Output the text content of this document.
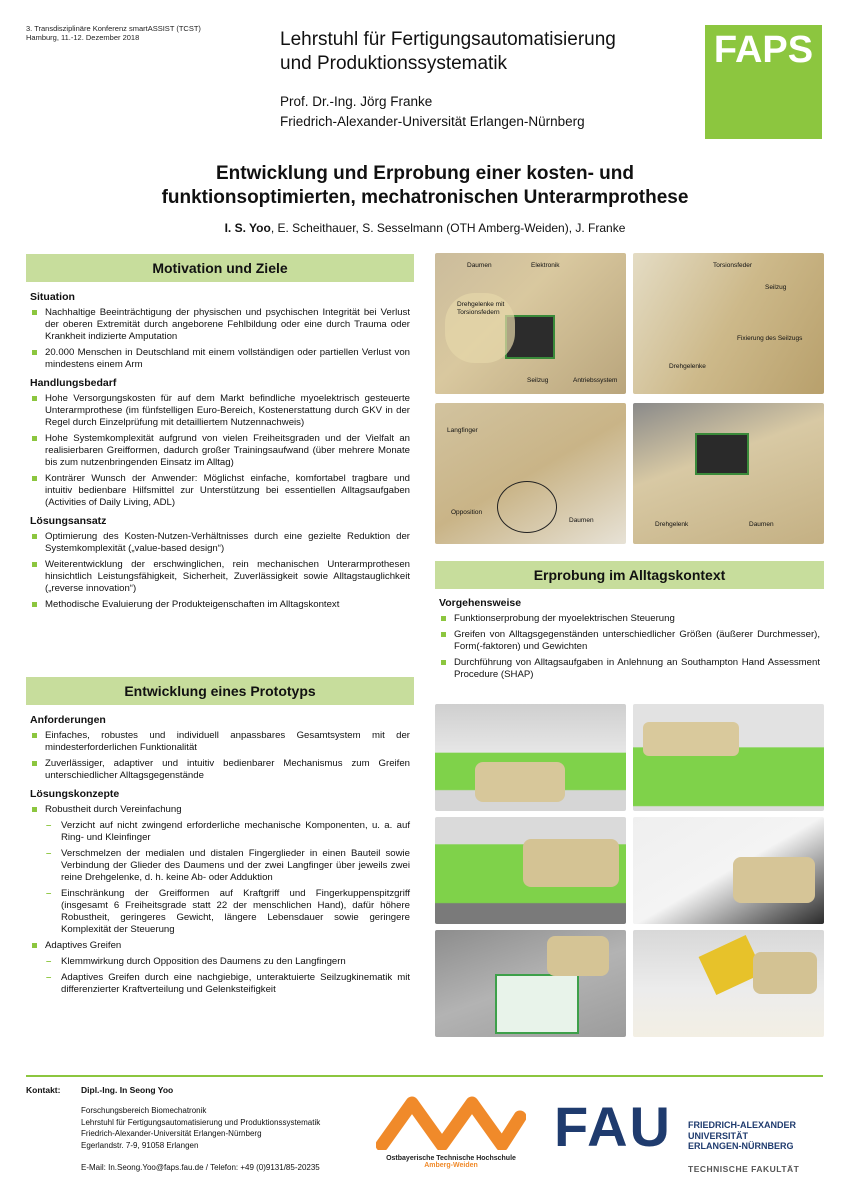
3. Transdisziplinäre Konferenz smartASSIST (TCST)
Hamburg, 11.-12. Dezember 2018	Lehrstuhl für Fertigungsautomatisierung
und Produktionssystematik
Prof. Dr.-Ing. Jörg Franke
Friedrich-Alexander-Universität Erlangen-Nürnberg
FAPS
Entwicklung und Erprobung einer kosten- und
funktionsoptimierten, mechatronischen Unterarmprothese
I. S. Yoo, E. Scheithauer, S. Sesselmann (OTH Amberg-Weiden), J. Franke
Motivation und Ziele
Situation
Nachhaltige Beeinträchtigung der physischen und psychischen Integrität bei Verlust der oberen Extremität durch angeborene Fehlbildung oder eine durch Trauma oder Krankheit indizierte Amputation
20.000 Menschen in Deutschland mit einem vollständigen oder partiellen Verlust von mindestens einem Arm
Handlungsbedarf
Hohe Versorgungskosten für auf dem Markt befindliche myoelektrisch gesteuerte Unterarmprothese (im fünfstelligen Euro-Bereich, Kostenerstattung durch GKV in der Regel durch Einzelprüfung mit detailliertem Nutzennachweis)
Hohe Systemkomplexität aufgrund von vielen Freiheitsgraden und der Vielfalt an realisierbaren Greifformen, dadurch großer Trainingsaufwand (über mehrere Monate bis zum nutzenbringenden Einsatz im Alltag)
Konträrer Wunsch der Anwender: Möglichst einfache, komfortabel tragbare und intuitiv bedienbare Hilfsmittel zur Unterstützung bei essentiellen Alltagsaufgaben (Activities of Daily Living, ADL)
Lösungsansatz
Optimierung des Kosten-Nutzen-Verhältnisses durch eine gezielte Reduktion der Systemkomplexität („value-based design“)
Weiterentwicklung der erschwinglichen, rein mechanischen Unterarmprothesen hinsichtlich Leistungsfähigkeit, Sicherheit, Zuverlässigkeit sowie Alltagstauglichkeit („reverse innovation“)
Methodische Evaluierung der Produkteigenschaften im Alltagskontext
Entwicklung eines Prototyps
Anforderungen
Einfaches, robustes und individuell anpassbares Gesamtsystem mit der mindesterforderlichen Funktionalität
Zuverlässiger, adaptiver und intuitiv bedienbarer Mechanismus zum Greifen unterschiedlicher Alltagsgegenstände
Lösungskonzepte
Robustheit durch Vereinfachung
– Verzicht auf nicht zwingend erforderliche mechanische Komponenten, u. a. auf Ring- und Kleinfinger
– Verschmelzen der medialen und distalen Fingerglieder in einen Bauteil sowie Verbindung der Glieder des Daumens und der zwei Langfinger über jeweils zwei reine Drehgelenke, d. h. keine Ab- oder Adduktion
– Einschränkung der Greifformen auf Kraftgriff und Fingerkuppenspitzgriff (insgesamt 6 Freiheitsgrade statt 22 der menschlichen Hand), dafür höhere Robustheit, geringeres Gewicht, längere Lebensdauer sowie geringere Komplexität der Steuerung
Adaptives Greifen
– Klemmwirkung durch Opposition des Daumens zu den Langfingern
– Adaptives Greifen durch eine nachgiebige, unteraktuierte Seilzugkinematik mit differenzierter Kraftverteilung und Gelenksteifigkeit
Daumen	Elektronik
Drehgelenke mit
Torsionsfedern
Seilzug	Antriebssystem
Torsionsfeder
Seilzug
Fixierung des Seilzugs
Drehgelenke
Langfinger
Opposition
Daumen
Drehgelenk	Daumen
Erprobung im Alltagskontext
Vorgehensweise
Funktionserprobung der myoelektrischen Steuerung
Greifen von Alltagsgegenständen unterschiedlicher Größen (äußerer Durchmesser), Form(-faktoren) und Gewichten
Durchführung von Alltagsaufgaben in Anlehnung an Southampton Hand Assessment Procedure (SHAP)
Kontakt: Dipl.-Ing. In Seong Yoo
Forschungsbereich Biomechatronik
Lehrstuhl für Fertigungsautomatisierung und Produktionssystematik
Friedrich-Alexander-Universität Erlangen-Nürnberg
Egerlandstr. 7-9, 91058 Erlangen
E-Mail: In.Seong.Yoo@faps.fau.de / Telefon: +49 (0)9131/85-20235
Ostbayerische Technische Hochschule
Amberg-Weiden
FAU	FRIEDRICH-ALEXANDER
UNIVERSITÄT
ERLANGEN-NÜRNBERG
TECHNISCHE FAKULTÄT
